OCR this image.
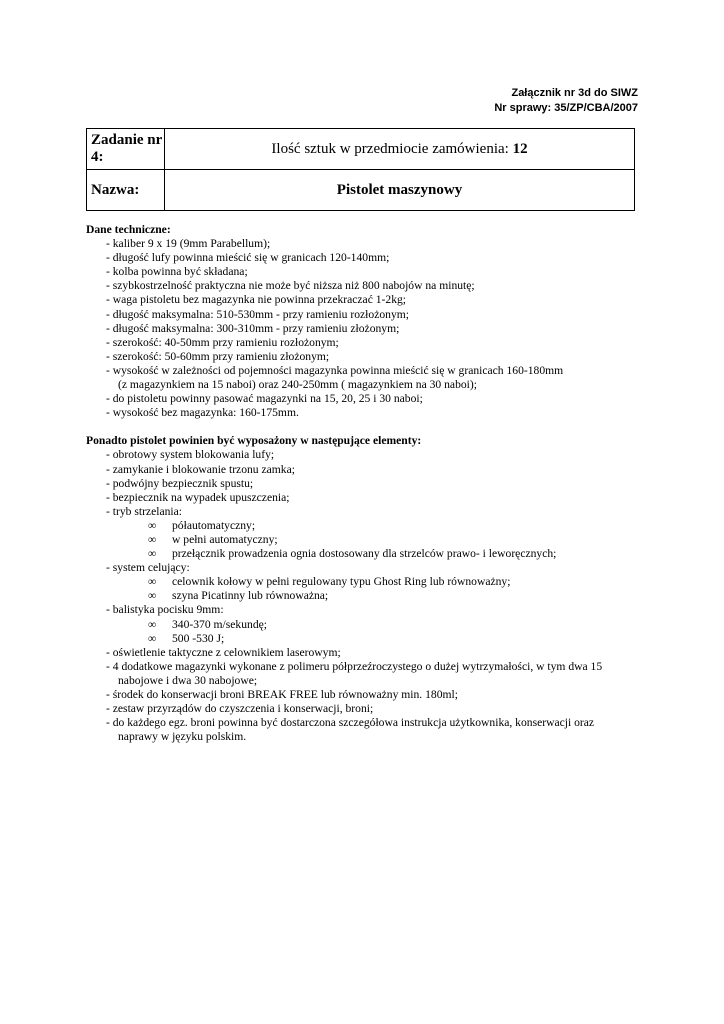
Załącznik nr 3d do SIWZ
Nr sprawy: 35/ZP/CBA/2007
Zadanie nr 4:	Ilość sztuk w przedmiocie zamówienia: 12
Nazwa:	Pistolet maszynowy
Dane techniczne:
- kaliber 9 x 19 (9mm Parabellum);
- długość lufy powinna mieścić się w granicach 120-140mm;
- kolba powinna być składana;
- szybkostrzelność praktyczna nie może być niższa niż 800 nabojów na minutę;
- waga pistoletu bez magazynka nie powinna przekraczać 1-2kg;
- długość maksymalna: 510-530mm - przy ramieniu rozłożonym;
- długość maksymalna: 300-310mm - przy ramieniu złożonym;
- szerokość: 40-50mm przy ramieniu rozłożonym;
- szerokość: 50-60mm przy ramieniu złożonym;
- wysokość w zależności od pojemności magazynka powinna mieścić się w granicach 160-180mm
(z magazynkiem na 15 naboi) oraz 240-250mm ( magazynkiem na 30 naboi);
- do pistoletu powinny pasować magazynki na 15, 20, 25 i 30 naboi;
- wysokość bez magazynka: 160-175mm.
Ponadto pistolet powinien być wyposażony w następujące elementy:
- obrotowy system blokowania lufy;
- zamykanie i blokowanie trzonu zamka;
- podwójny bezpiecznik spustu;
- bezpiecznik na wypadek upuszczenia;
- tryb strzelania:
∞ półautomatyczny;
∞ w pełni automatyczny;
∞ przełącznik prowadzenia ognia dostosowany dla strzelców prawo- i leworęcznych;
- system celujący:
∞ celownik kołowy w pełni regulowany typu Ghost Ring lub równoważny;
∞ szyna Picatinny lub równoważna;
- balistyka pocisku 9mm:
∞ 340-370 m/sekundę;
∞ 500 -530 J;
- oświetlenie taktyczne z celownikiem laserowym;
- 4 dodatkowe magazynki wykonane z polimeru półprzeźroczystego o dużej wytrzymałości, w tym dwa 15
nabojowe i dwa 30 nabojowe;
- środek do konserwacji broni BREAK FREE lub równoważny min. 180ml;
- zestaw przyrządów do czyszczenia i konserwacji, broni;
- do każdego egz. broni powinna być dostarczona szczegółowa instrukcja użytkownika, konserwacji oraz
naprawy w języku polskim.
